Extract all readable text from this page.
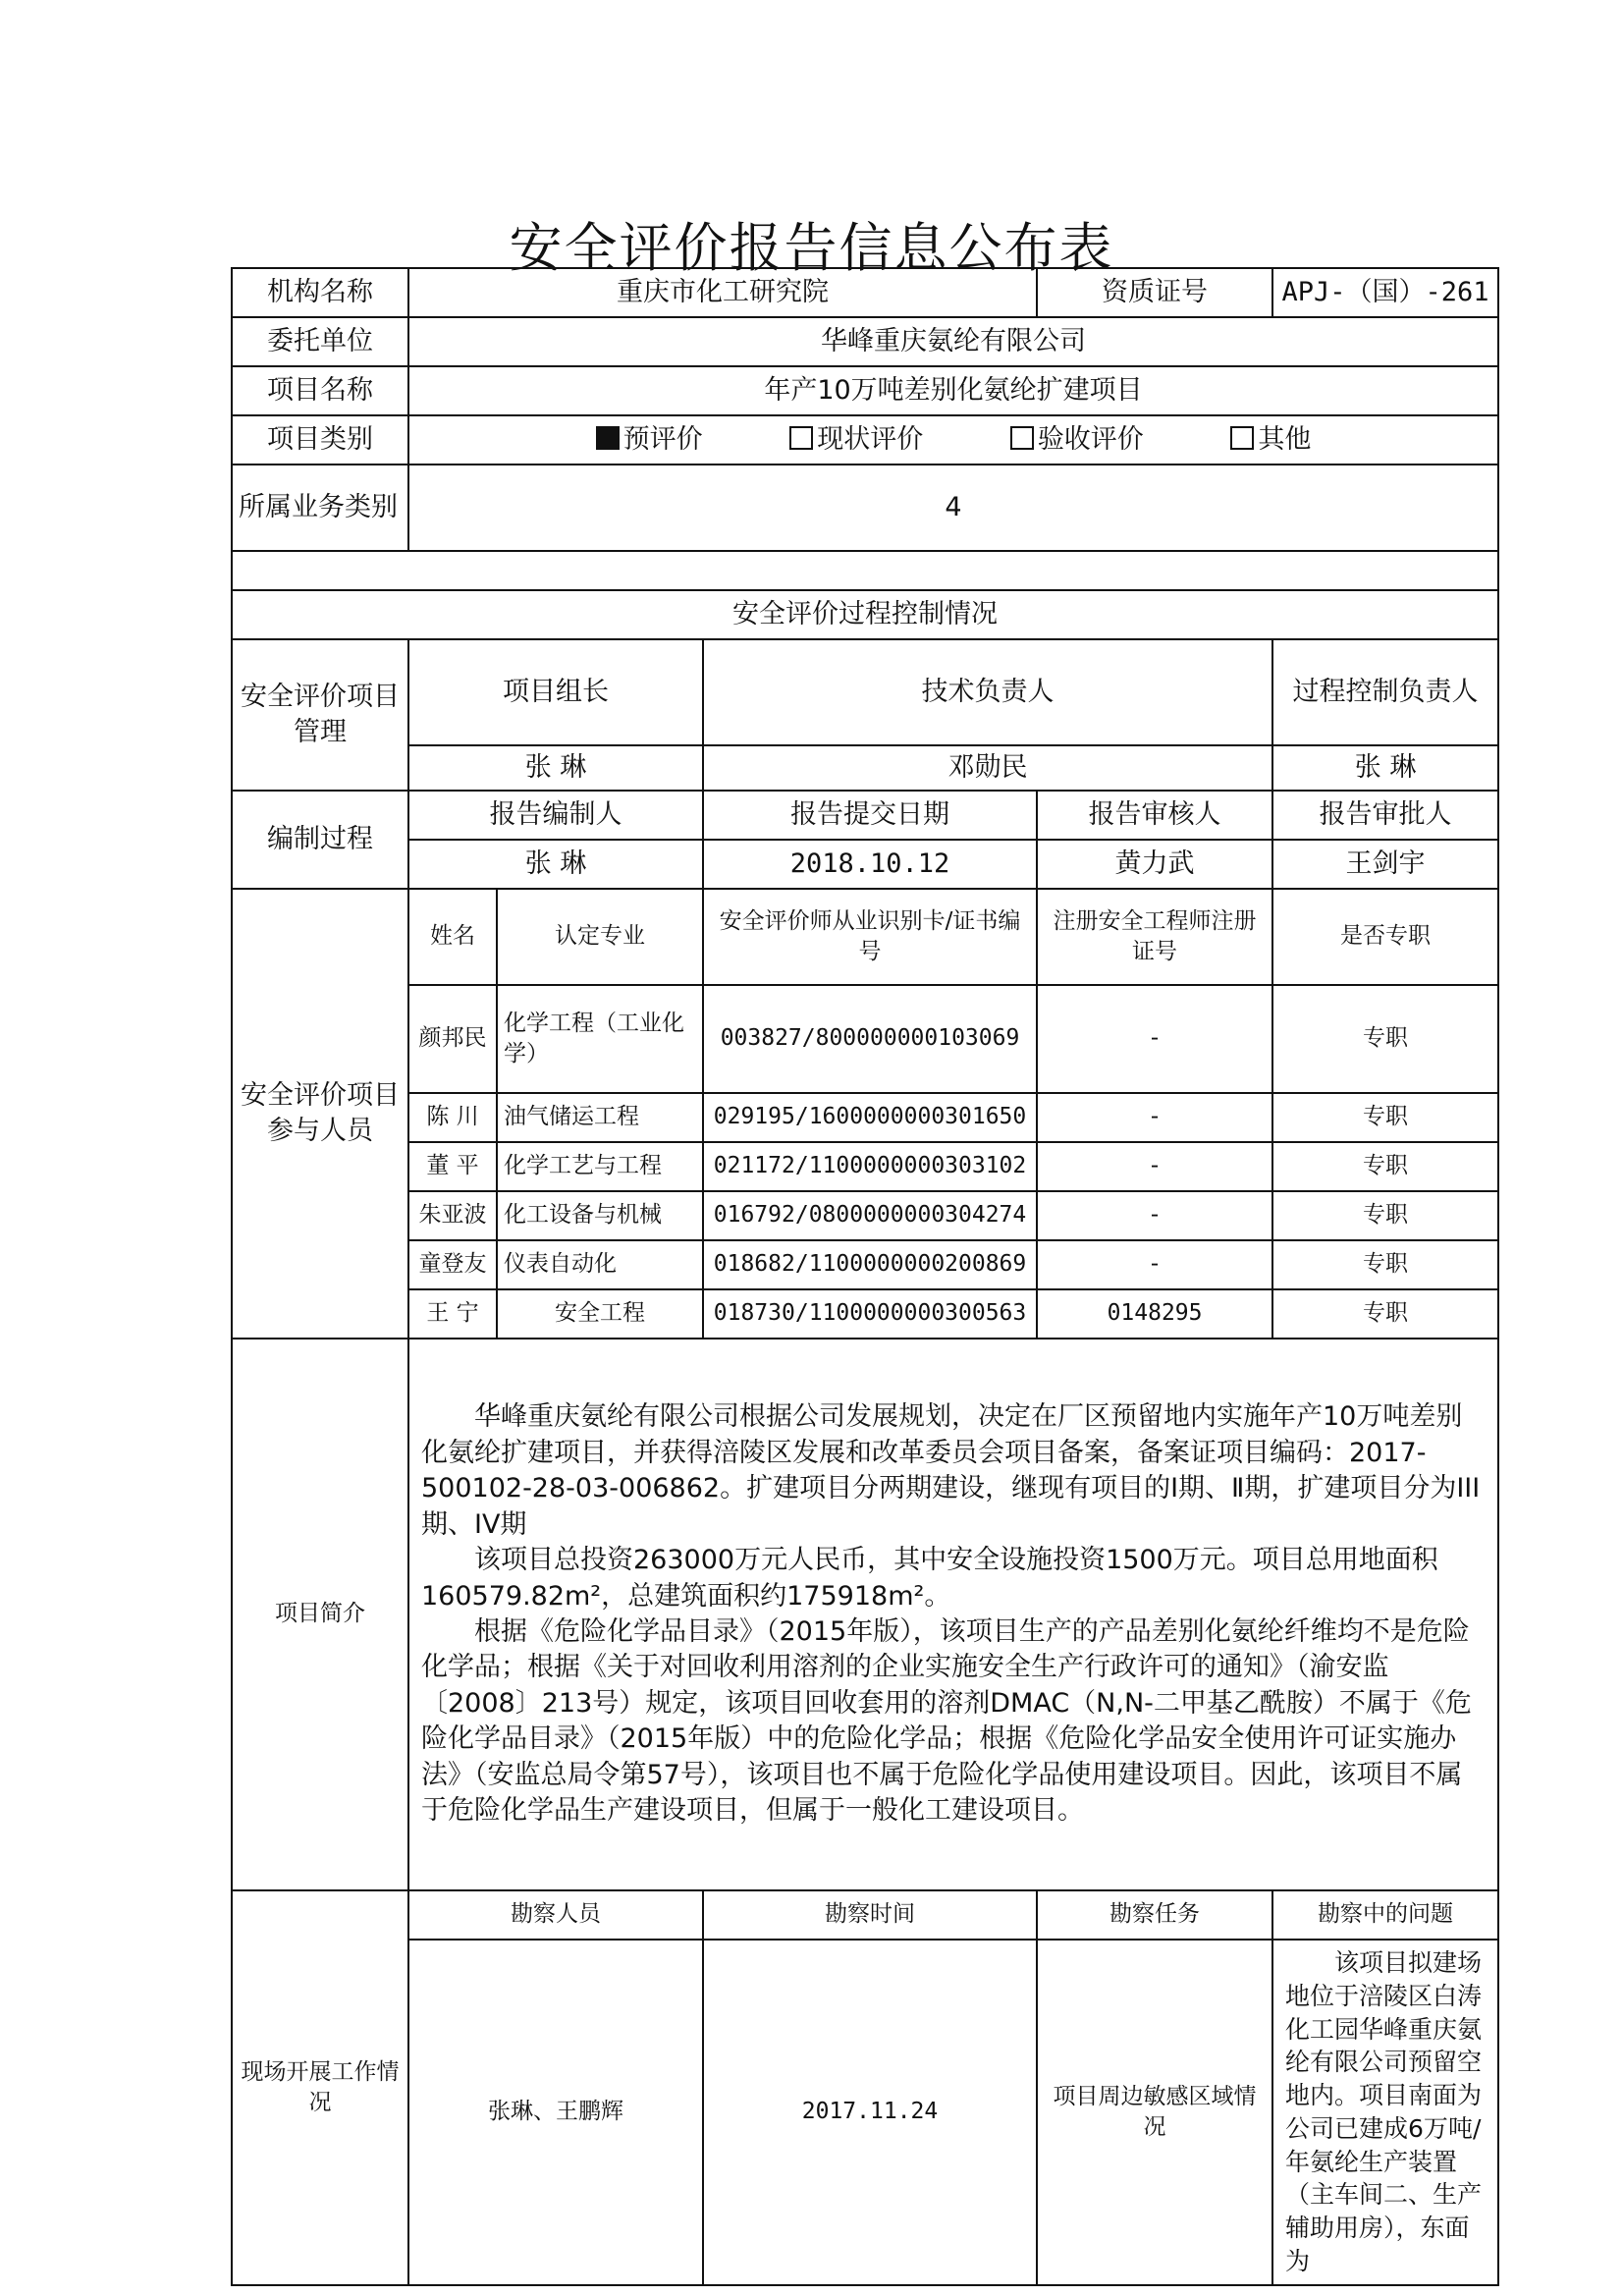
安全评价报告信息公布表
机构名称	重庆市化工研究院			资质证号	APJ-（国）-261
委托单位	华峰重庆氨纶有限公司				
项目名称	年产10万吨差别化氨纶扩建项目				
项目类别	预评价 现状评价 验收评价 其他				
所属业务类别	4				

安全评价过程控制情况					
安全评价项目管理	项目组长		技术负责人		过程控制负责人
	张 琳		邓勋民		张 琳
编制过程	报告编制人		报告提交日期	报告审核人	报告审批人
	张 琳		2018.10.12	黄力武	王剑宇
安全评价项目参与人员	姓名	认定专业	安全评价师从业识别卡/证书编号	注册安全工程师注册证号	是否专职
	颜邦民	化学工程（工业化学）	003827/800000000103069	-	专职
	陈 川	油气储运工程	029195/1600000000301650	-	专职
	董 平	化学工艺与工程	021172/1100000000303102	-	专职
	朱亚波	化工设备与机械	016792/0800000000304274	-	专职
	童登友	仪表自动化	018682/1100000000200869	-	专职
	王 宁	安全工程	018730/1100000000300563	0148295	专职
项目简介	华峰重庆氨纶有限公司根据公司发展规划，决定在厂区预留地内实施年产10万吨差别化氨纶扩建项目，并获得涪陵区发展和改革委员会项目备案，备案证项目编码：2017-500102-28-03-006862。扩建项目分两期建设，继现有项目的Ⅰ期、Ⅱ期，扩建项目分为III期、IV期

该项目总投资263000万元人民币，其中安全设施投资1500万元。项目总用地面积160579.82m²，总建筑面积约175918m²。

根据《危险化学品目录》（2015年版），该项目生产的产品差别化氨纶纤维均不是危险化学品；根据《关于对回收利用溶剂的企业实施安全生产行政许可的通知》（渝安监〔2008〕213号）规定，该项目回收套用的溶剂DMAC（N,N-二甲基乙酰胺）不属于《危险化学品目录》（2015年版）中的危险化学品；根据《危险化学品安全使用许可证实施办法》（安监总局令第57号），该项目也不属于危险化学品使用建设项目。因此，该项目不属于危险化学品生产建设项目，但属于一般化工建设项目。				

现场开展工作情况	勘察人员		勘察时间	勘察任务	勘察中的问题
	张琳、王鹏辉		2017.11.24	项目周边敏感区域情况	该项目拟建场地位于涪陵区白涛化工园华峰重庆氨纶有限公司预留空地内。项目南面为公司已建成6万吨/年氨纶生产装置（主车间二、生产辅助用房），东面为
